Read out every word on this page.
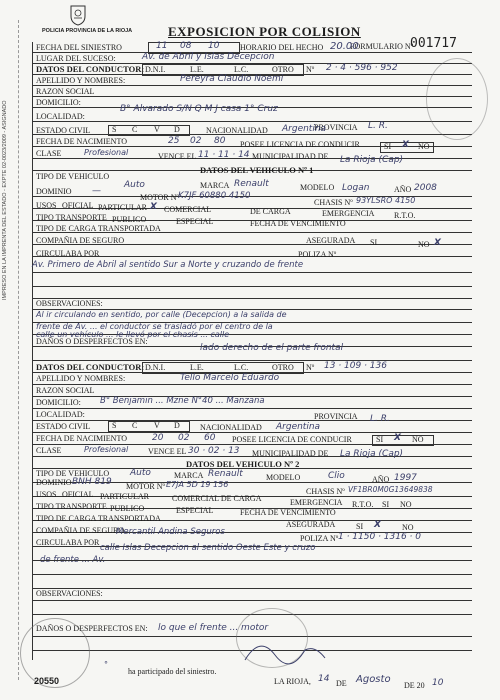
IMPRESO EN LA IMPRENTA DEL ESTADO - EXPTE 02-0023/2009 - ASIGNADO
POLICIA PROVINCIA DE LA RIOJA	EXPOSICION POR COLISION
FORMULARIO Nº
001717
FECHA DEL SINIESTRO	11 08 10	HORARIO DEL HECHO 20.00
LUGAR DEL SUCESO:	Av. de Abril y Islas Decepcion
DATOS DEL CONDUCTOR: D.N.I.	L.E.	L.C.	OTRO Nº 2 · 4 · 596 · 952
APELLIDO Y NOMBRES:	Pereyra Claudio Noemi
RAZON SOCIAL
DOMICILIO:
B° Alvarado S/N Q M J casa 1° Cruz
LOCALIDAD:
PROVINCIA L. R.
ESTADO CIVIL	S C V D	NACIONALIDAD Argentina
FECHA DE NACIMIENTO	25 02 80 POSEE LICENCIA DE CONDUCIR	SI X NO
CLASE	Profesional	VENCE EL 11 · 11 · 14 MUNICIPALIDAD DE La Rioja (Cap)
DATOS DEL VEHICULO Nº 1
TIPO DE VEHICULO
Auto	MARCA Renault	MODELO Logan	AÑO 2008
DOMINIO —
MOTOR Nº
K7JF 60880 4150
CHASIS Nº 93YLSRO 4150
USOS OFICIAL PARTICULAR X COMERCIAL	DE CARGA	EMERGENCIA R.T.O.
TIPO TRANSPORTE PUBLICO	ESPECIAL	FECHA DE VENCIMIENTO
TIPO DE CARGA TRANSPORTADA
COMPAÑIA DE SEGURO	ASEGURADA SI	NO X
CIRCULABA POR	POLIZA Nº
Av. Primero de Abril al sentido Sur a Norte y cruzando de frente
OBSERVACIONES:
Al ir circulando en sentido, por calle (Decepcion) a la salida de
frente de Av. ... el conductor se trasladó por el centro de la
calle un vehículo ... le llevó por el chasis ... calle
DAÑOS O DESPERFECTOS EN:
lado derecho de el parte frontal
DATOS DEL CONDUCTOR: D.N.I.	L.E.	L.C.	OTRO Nº 13 · 109 · 136
APELLIDO Y NOMBRES:	Tello Marcelo Eduardo
RAZON SOCIAL
DOMICILIO: B° Benjamin ... Mzne N°40 ... Manzana
LOCALIDAD:	PROVINCIA L. R.
ESTADO CIVIL	S C V D	NACIONALIDAD Argentina
FECHA DE NACIMIENTO	20 02 60 POSEE LICENCIA DE CONDUCIR	SI X NO
CLASE	Profesional VENCE EL 30 · 02 · 13 MUNICIPALIDAD DE La Rioja (Cap)
DATOS DEL VEHICULO Nº 2
TIPO DE VEHICULO Auto	MARCA Renault	MODELO	Clio	AÑO 1997
DOMINIO BNH 819 MOTOR Nº E7JA 5D 19 156
CHASIS Nº VF1BR0M0G13649838
USOS OFICIAL PARTICULAR	COMERCIAL DE CARGA	EMERGENCIA R.T.O. SI NO
TIPO TRANSPORTE PUBLICO	ESPECIAL	FECHA DE VENCIMIENTO
TIPO DE CARGA TRANSPORTADA
ASEGURADA	SI X	NO
COMPAÑIA DE SEGURO
Mercantil Andina Seguros
POLIZA Nº 1 · 1150 · 1316 · 0
CIRCULABA POR
calle Islas Decepcion al sentido Oeste Este y cruzo
de frente ... Av.
OBSERVACIONES:
DAÑOS O DESPERFECTOS EN: lo que el frente ... motor
°
ha participado del siniestro.
LA RIOJA, 14 DE Agosto
DE 20 10
20550
